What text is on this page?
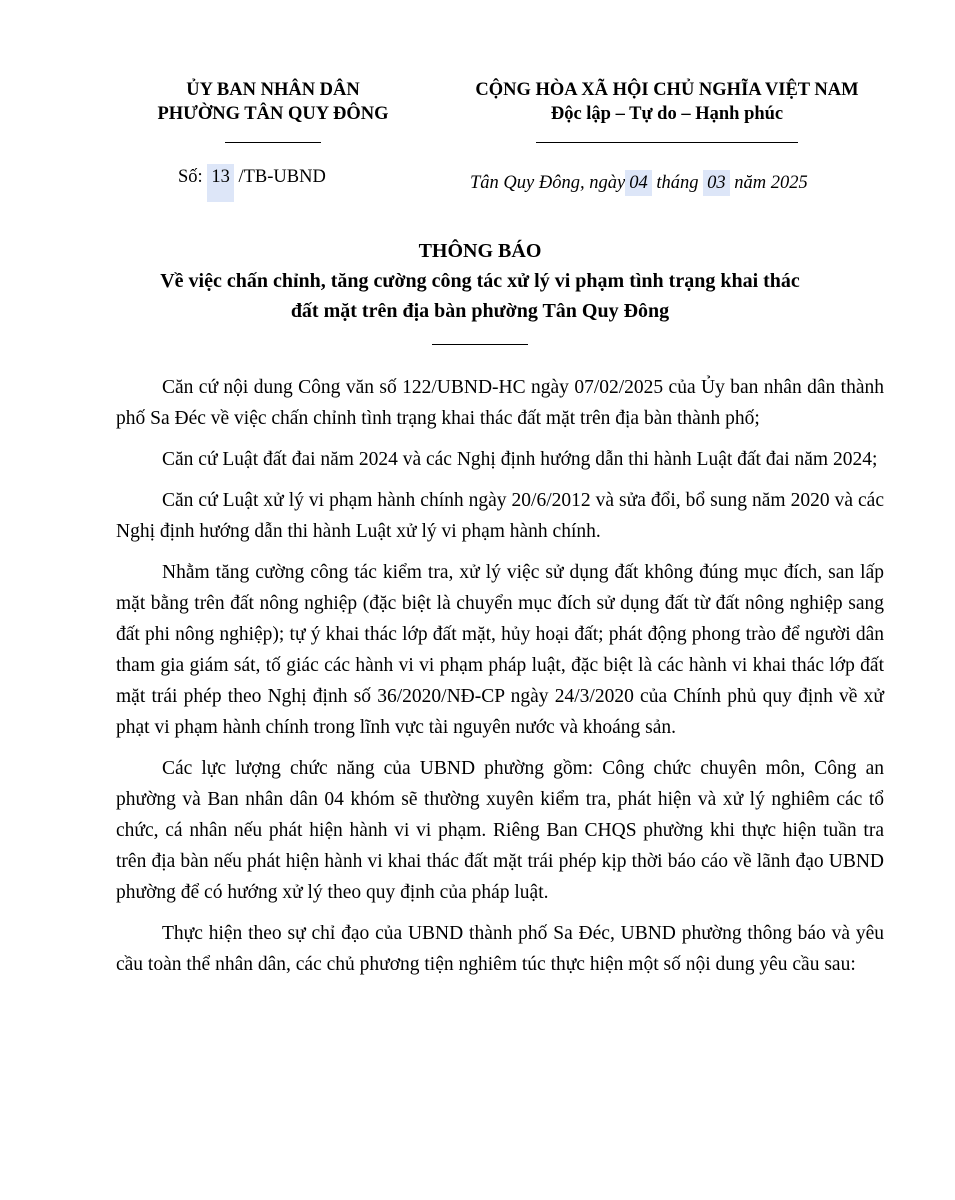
ỦY BAN NHÂN DÂN
PHƯỜNG TÂN QUY ĐÔNG
CỘNG HÒA XÃ HỘI CHỦ NGHĨA VIỆT NAM
Độc lập – Tự do – Hạnh phúc
Số: 13 /TB-UBND	Tân Quy Đông, ngày 04 tháng 03 năm 2025
THÔNG BÁO
Về việc chấn chỉnh, tăng cường công tác xử lý vi phạm tình trạng khai thác
đất mặt trên địa bàn phường Tân Quy Đông

Căn cứ nội dung Công văn số 122/UBND-HC ngày 07/02/2025 của Ủy ban nhân dân thành phố Sa Đéc về việc chấn chỉnh tình trạng khai thác đất mặt trên địa bàn thành phố;

Căn cứ Luật đất đai năm 2024 và các Nghị định hướng dẫn thi hành Luật đất đai năm 2024;

Căn cứ Luật xử lý vi phạm hành chính ngày 20/6/2012 và sửa đổi, bổ sung năm 2020 và các Nghị định hướng dẫn thi hành Luật xử lý vi phạm hành chính.

Nhằm tăng cường công tác kiểm tra, xử lý việc sử dụng đất không đúng mục đích, san lấp mặt bằng trên đất nông nghiệp (đặc biệt là chuyển mục đích sử dụng đất từ đất nông nghiệp sang đất phi nông nghiệp); tự ý khai thác lớp đất mặt, hủy hoại đất; phát động phong trào để người dân tham gia giám sát, tố giác các hành vi vi phạm pháp luật, đặc biệt là các hành vi khai thác lớp đất mặt trái phép theo Nghị định số 36/2020/NĐ-CP ngày 24/3/2020 của Chính phủ quy định về xử phạt vi phạm hành chính trong lĩnh vực tài nguyên nước và khoáng sản.

Các lực lượng chức năng của UBND phường gồm: Công chức chuyên môn, Công an phường và Ban nhân dân 04 khóm sẽ thường xuyên kiểm tra, phát hiện và xử lý nghiêm các tổ chức, cá nhân nếu phát hiện hành vi vi phạm. Riêng Ban CHQS phường khi thực hiện tuần tra trên địa bàn nếu phát hiện hành vi khai thác đất mặt trái phép kịp thời báo cáo về lãnh đạo UBND phường để có hướng xử lý theo quy định của pháp luật.

Thực hiện theo sự chỉ đạo của UBND thành phố Sa Đéc, UBND phường thông báo và yêu cầu toàn thể nhân dân, các chủ phương tiện nghiêm túc thực hiện một số nội dung yêu cầu sau:
